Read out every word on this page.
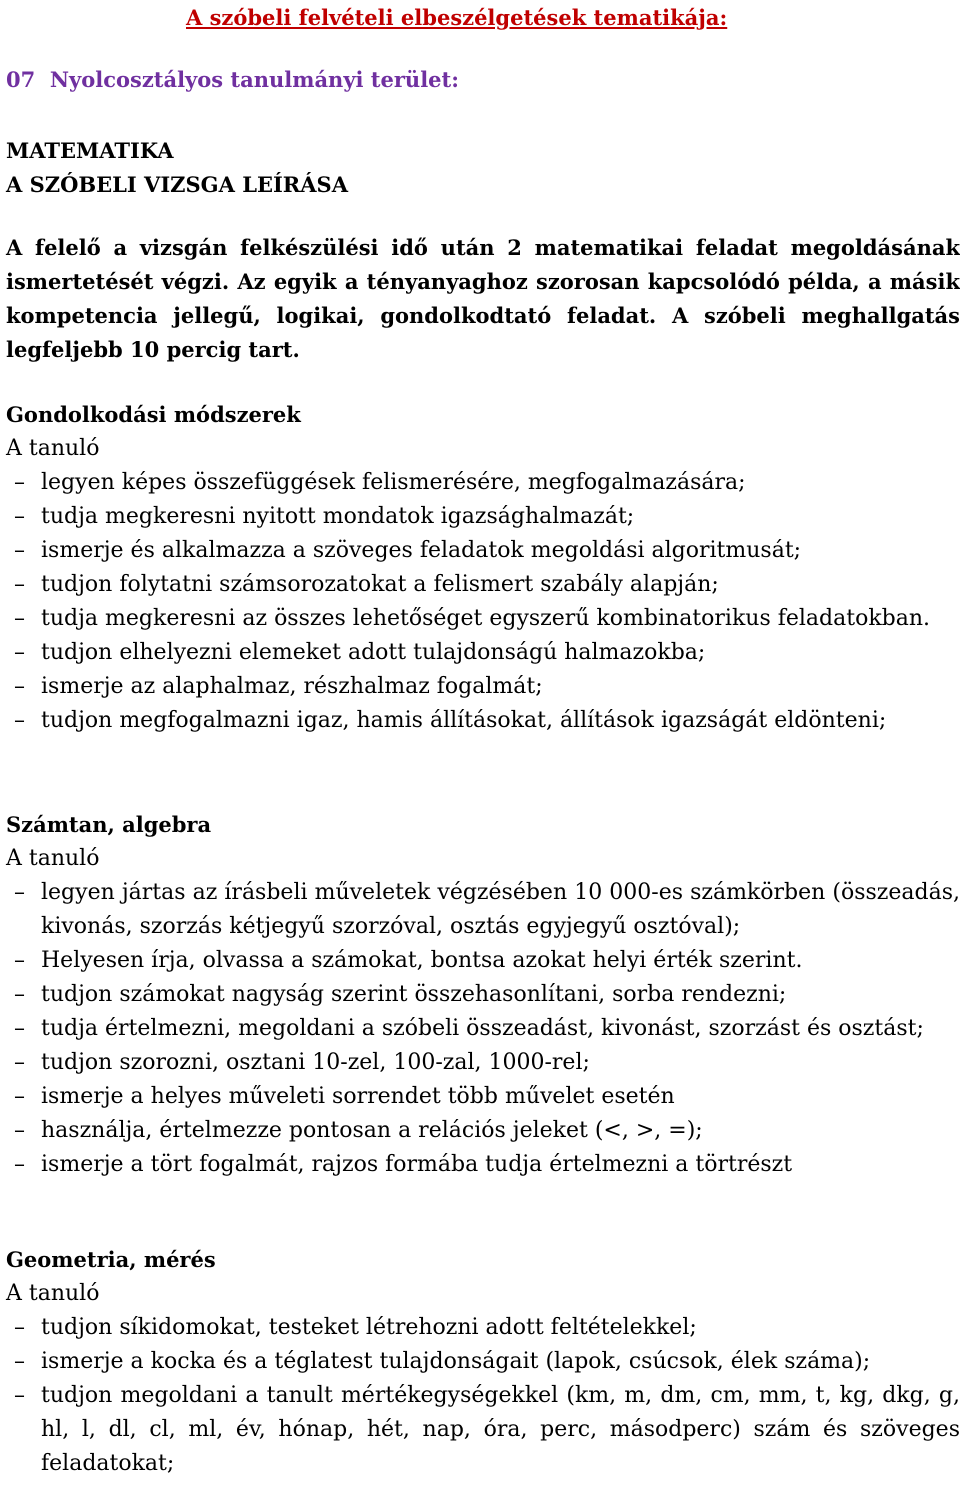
A szóbeli felvételi elbeszélgetések tematikája:
07  Nyolcosztályos tanulmányi terület:
MATEMATIKA
A SZÓBELI VIZSGA LEÍRÁSA

A felelő a vizsgán felkészülési idő után 2 matematikai feladat megoldásának ismertetését végzi. Az egyik a tényanyaghoz szorosan kapcsolódó példa, a másik kompetencia jellegű, logikai, gondolkodtató feladat. A szóbeli meghallgatás legfeljebb 10 percig tart.

Gondolkodási módszerek

A tanuló

– legyen képes összefüggések felismerésére, megfogalmazására;
– tudja megkeresni nyitott mondatok igazsághalmazát;
– ismerje és alkalmazza a szöveges feladatok megoldási algoritmusát;
– tudjon folytatni számsorozatokat a felismert szabály alapján;
– tudja megkeresni az összes lehetőséget egyszerű kombinatorikus feladatokban.
– tudjon elhelyezni elemeket adott tulajdonságú halmazokba;
– ismerje az alaphalmaz, részhalmaz fogalmát;
– tudjon megfogalmazni igaz, hamis állításokat, állítások igazságát eldönteni;

Számtan, algebra

A tanuló

– legyen jártas az írásbeli műveletek végzésében 10 000-es számkörben (összeadás, kivonás, szorzás kétjegyű szorzóval, osztás egyjegyű osztóval);
– Helyesen írja, olvassa a számokat, bontsa azokat helyi érték szerint.
– tudjon számokat nagyság szerint összehasonlítani, sorba rendezni;
– tudja értelmezni, megoldani a szóbeli összeadást, kivonást, szorzást és osztást;
– tudjon szorozni, osztani 10-zel, 100-zal, 1000-rel;
– ismerje a helyes műveleti sorrendet több művelet esetén
– használja, értelmezze pontosan a relációs jeleket (<, >, =);
– ismerje a tört fogalmát, rajzos formába tudja értelmezni a törtrészt

Geometria, mérés

A tanuló

– tudjon síkidomokat, testeket létrehozni adott feltételekkel;
– ismerje a kocka és a téglatest tulajdonságait (lapok, csúcsok, élek száma);
– tudjon megoldani a tanult mértékegységekkel (km, m, dm, cm, mm, t, kg, dkg, g, hl, l, dl, cl, ml, év, hónap, hét, nap, óra, perc, másodperc) szám és szöveges feladatokat;
